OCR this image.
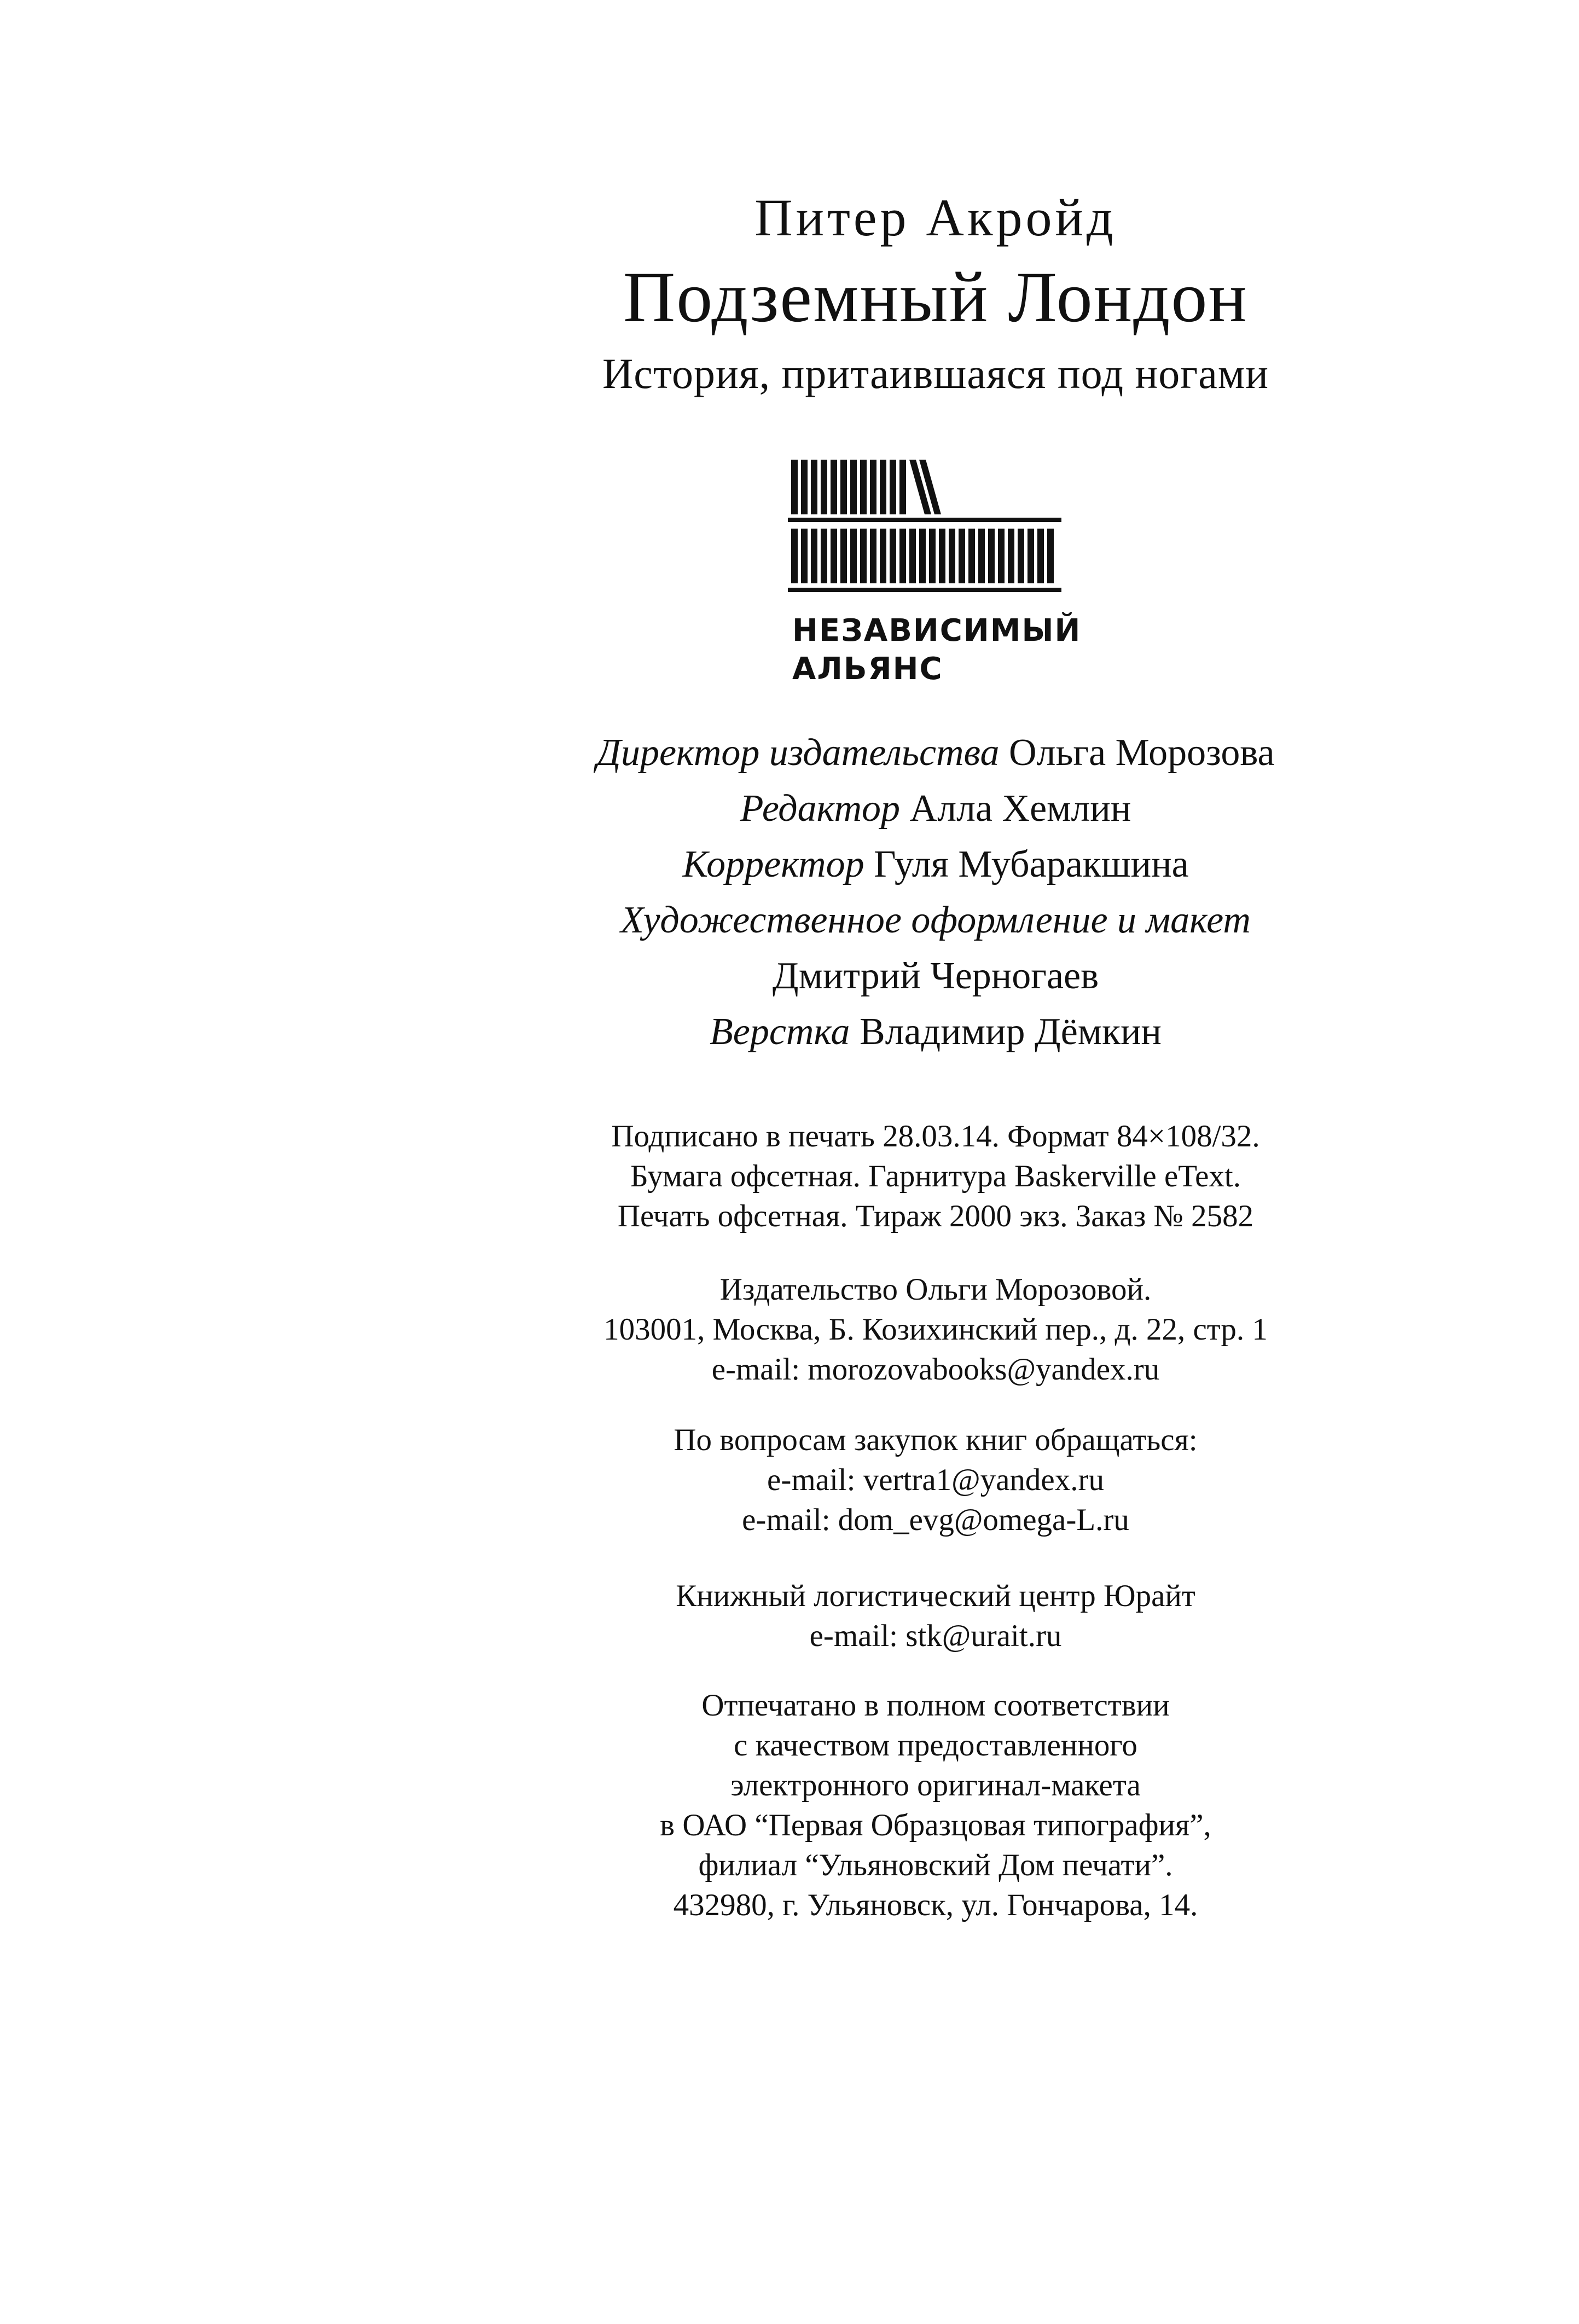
Питер Акройд
Подземный Лондон
История, притаившаяся под ногами
НЕЗАВИСИМЫЙ
АЛЬЯНС
Директор издательства Ольга Морозова
Редактор Алла Хемлин
Корректор Гуля Мубаракшина
Художественное оформление и макет
Дмитрий Черногаев
Верстка Владимир Дёмкин
Подписано в печать 28.03.14. Формат 84×108/32.
Бумага офсетная. Гарнитура Baskerville eText.
Печать офсетная. Тираж 2000 экз. Заказ № 2582
Издательство Ольги Морозовой.
103001, Москва, Б. Козихинский пер., д. 22, стр. 1
e-mail: morozovabooks@yandex.ru
По вопросам закупок книг обращаться:
e-mail: vertra1@yandex.ru
e-mail: dom_evg@omega-L.ru
Книжный логистический центр Юрайт
e-mail: stk@urait.ru
Отпечатано в полном соответствии
с качеством предоставленного
электронного оригинал-макета
в ОАО “Первая Образцовая типография”,
филиал “Ульяновский Дом печати”.
432980, г. Ульяновск, ул. Гончарова, 14.
